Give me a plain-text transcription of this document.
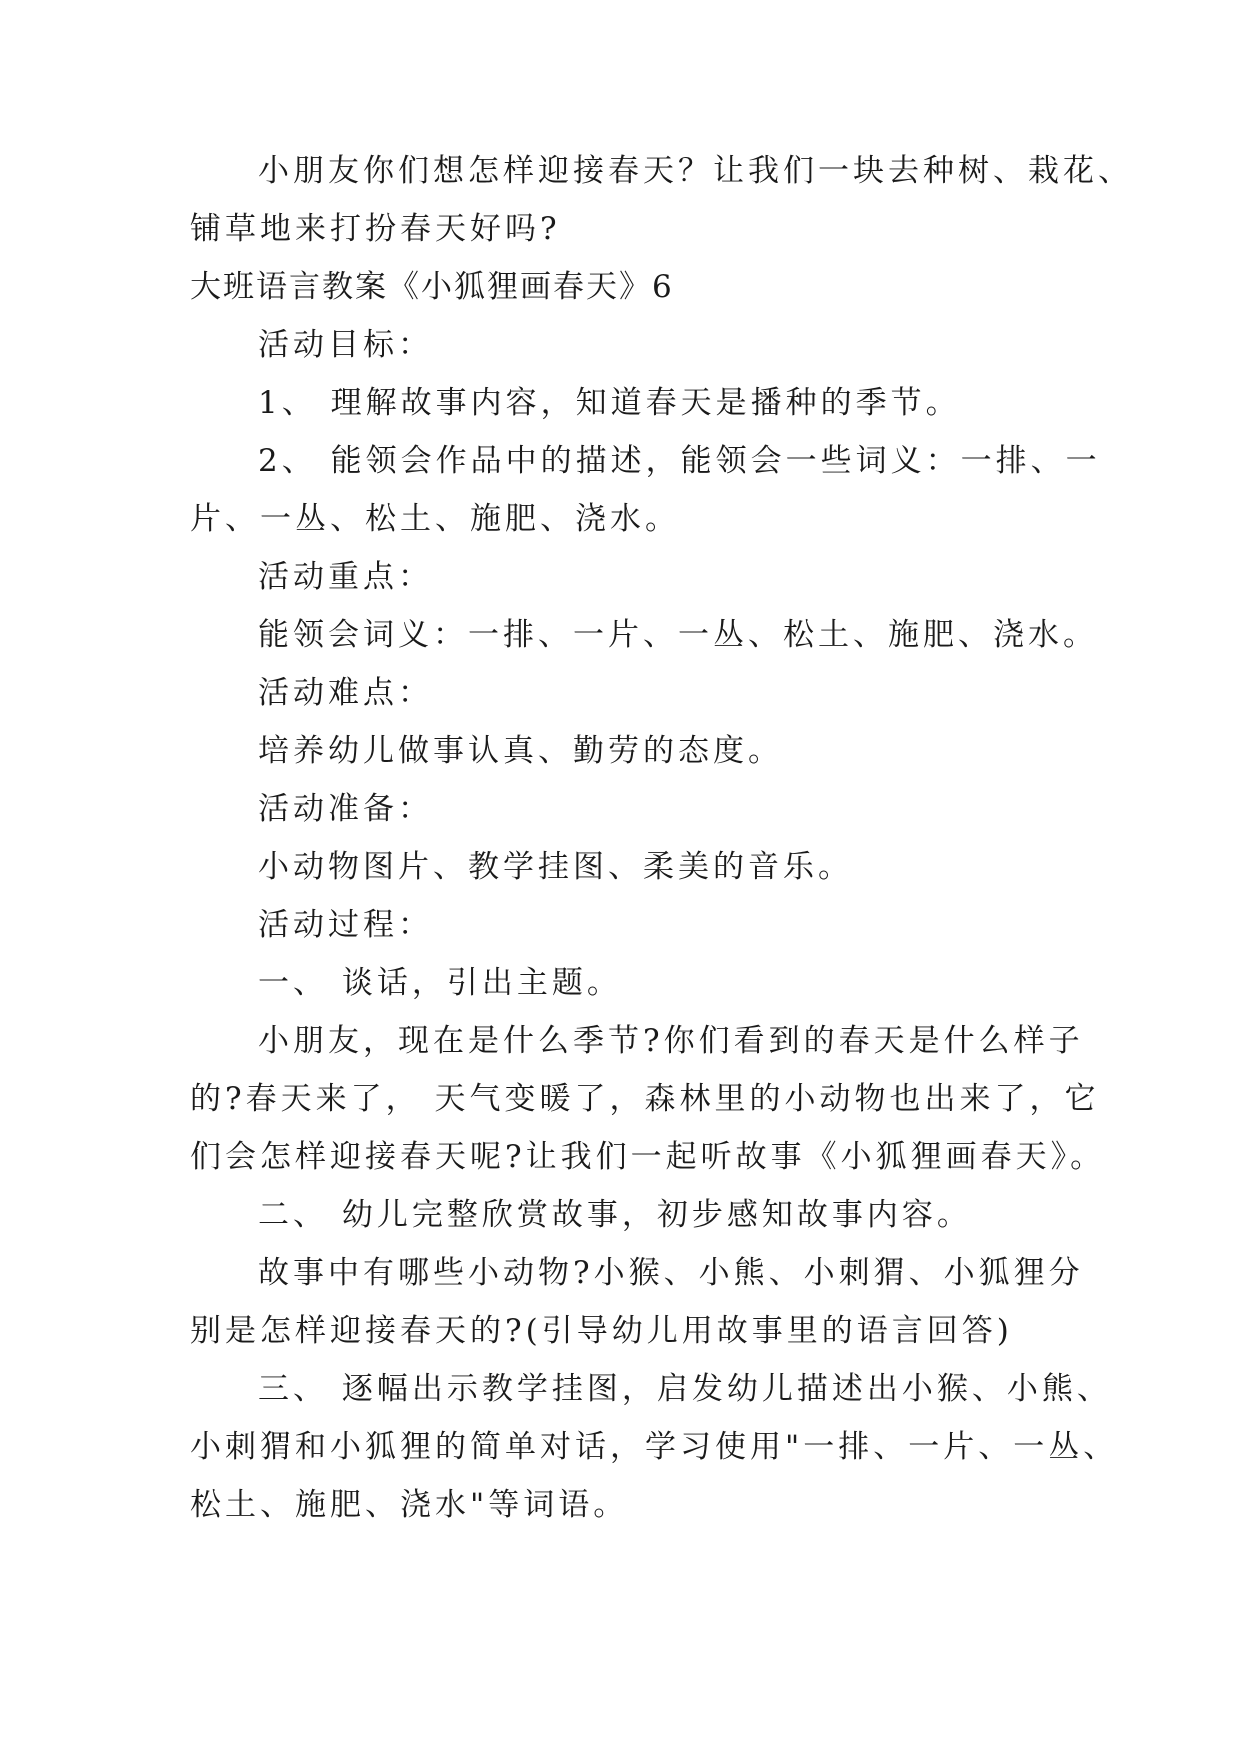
小朋友你们想怎样迎接春天？让我们一块去种树、栽花、
铺草地来打扮春天好吗?
大班语言教案《小狐狸画春天》6
活动目标：
1、 理解故事内容，知道春天是播种的季节。
2、 能领会作品中的描述，能领会一些词义：一排、一
片、一丛、松土、施肥、浇水。
活动重点：
能领会词义：一排、一片、一丛、松土、施肥、浇水。
活动难点：
培养幼儿做事认真、勤劳的态度。
活动准备：
小动物图片、教学挂图、柔美的音乐。
活动过程：
一、 谈话，引出主题。
小朋友，现在是什么季节?你们看到的春天是什么样子
的?春天来了， 天气变暖了，森林里的小动物也出来了，它
们会怎样迎接春天呢?让我们一起听故事《小狐狸画春天》。
二、 幼儿完整欣赏故事，初步感知故事内容。
故事中有哪些小动物?小猴、小熊、小刺猬、小狐狸分
别是怎样迎接春天的?(引导幼儿用故事里的语言回答)
三、 逐幅出示教学挂图，启发幼儿描述出小猴、小熊、
小刺猬和小狐狸的简单对话，学习使用"一排、一片、一丛、
松土、施肥、浇水"等词语。
